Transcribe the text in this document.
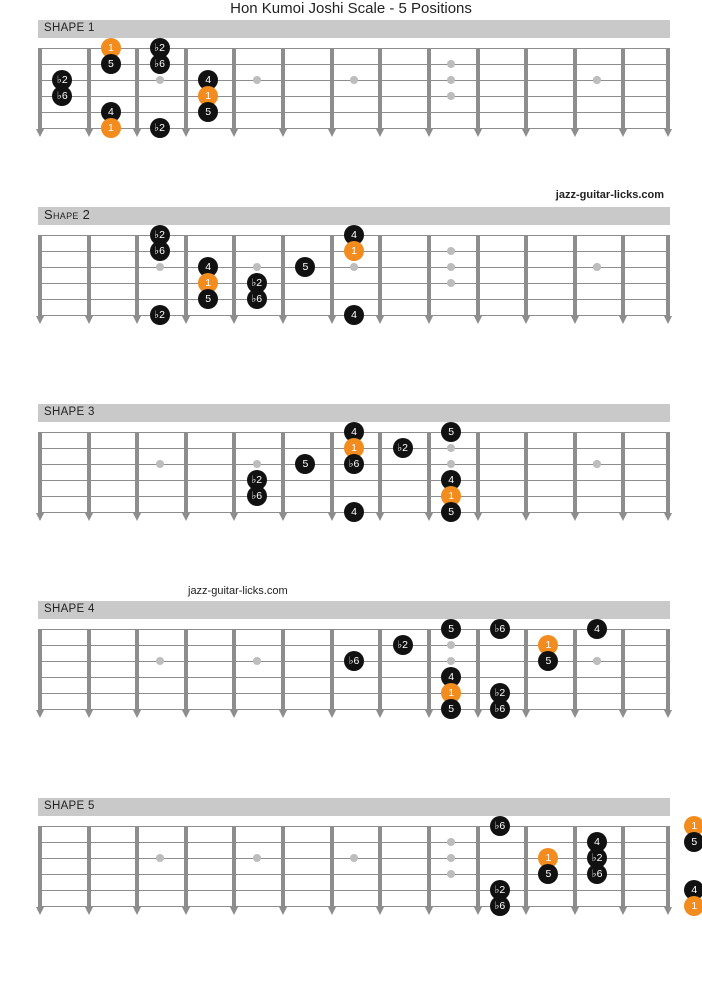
Hon Kumoi Joshi Scale - 5 Positions
SHAPE 1
1	♭2
5	♭6
♭2	4
♭6	1
4	5
1	♭2
Shape 2
jazz-guitar-licks.com
♭2	4
♭6	1
4	5
1	♭2
5	♭6
♭2	4
SHAPE 3
4	5
1	♭2
5	♭6
♭2	4
♭6	1
4	5
SHAPE 4
jazz-guitar-licks.com
5	♭6	4
♭2	1
♭6	5
4
1	♭2
5	♭6
SHAPE 5
♭6	1
4	5
1	♭2
5	♭6
♭2	4
♭6	1
